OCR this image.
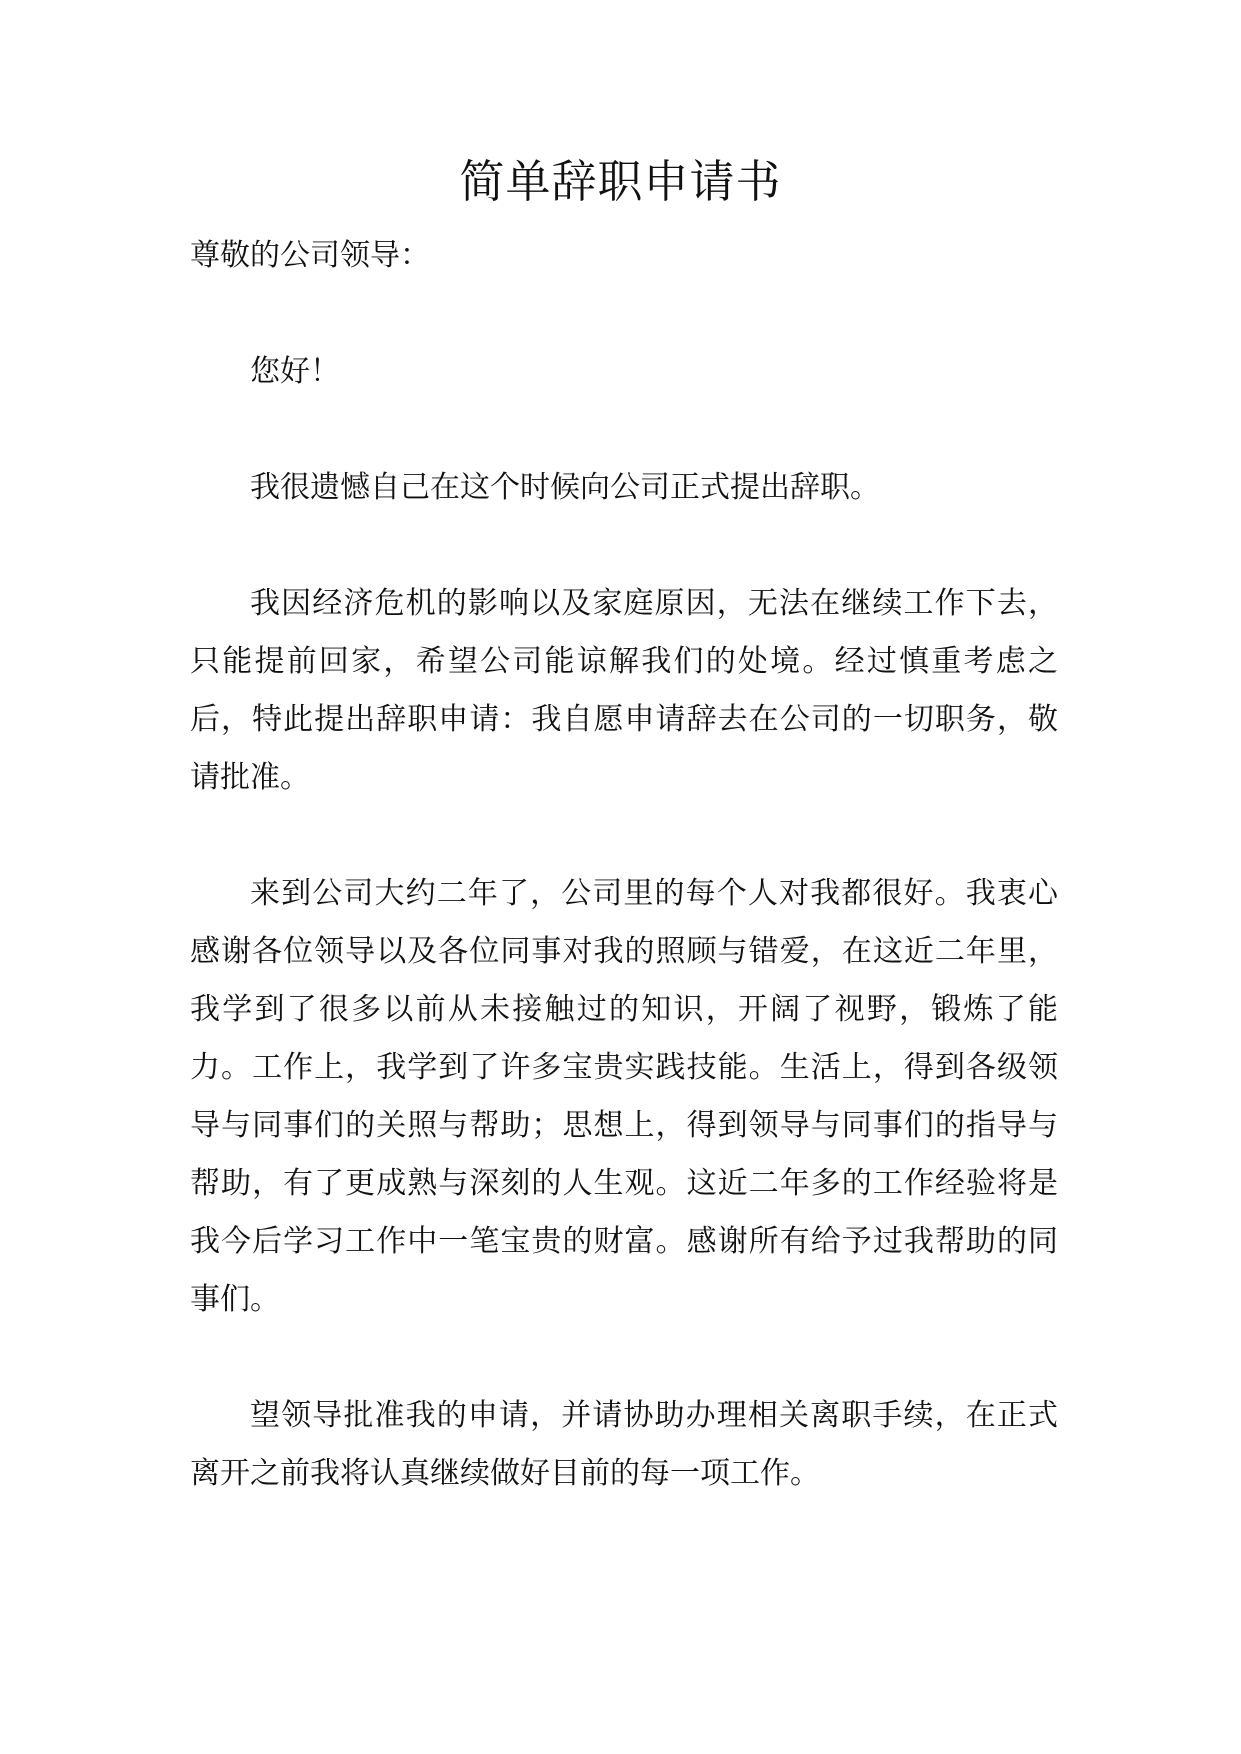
简单辞职申请书

尊敬的公司领导：

您好！

我很遗憾自己在这个时候向公司正式提出辞职。

我因经济危机的影响以及家庭原因，无法在继续工作下去，只能提前回家，希望公司能谅解我们的处境。经过慎重考虑之后，特此提出辞职申请：我自愿申请辞去在公司的一切职务，敬请批准。

来到公司大约二年了，公司里的每个人对我都很好。我衷心感谢各位领导以及各位同事对我的照顾与错爱，在这近二年里，我学到了很多以前从未接触过的知识，开阔了视野，锻炼了能力。工作上，我学到了许多宝贵实践技能。生活上，得到各级领导与同事们的关照与帮助；思想上，得到领导与同事们的指导与帮助，有了更成熟与深刻的人生观。这近二年多的工作经验将是我今后学习工作中一笔宝贵的财富。感谢所有给予过我帮助的同事们。

望领导批准我的申请，并请协助办理相关离职手续，在正式离开之前我将认真继续做好目前的每一项工作。
